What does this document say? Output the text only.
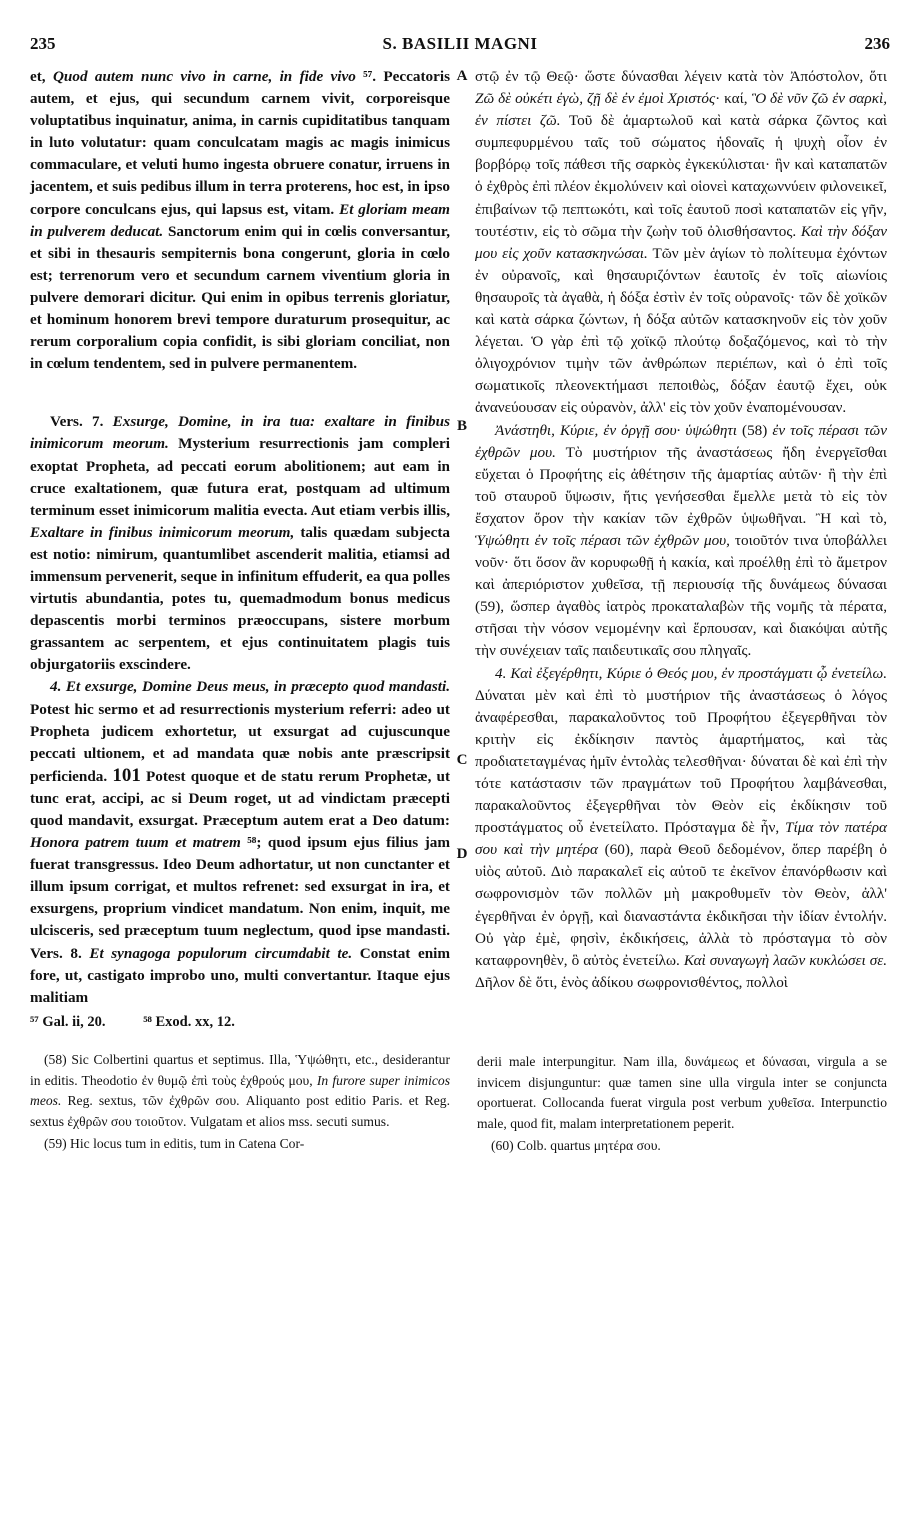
235	S. BASILII MAGNI	236
A
B
C
D

et, Quod autem nunc vivo in carne, in fide vivo ⁵⁷. Peccatoris autem, et ejus, qui secundum carnem vivit, corporeisque voluptatibus inquinatur, anima, in carnis cupiditatibus tanquam in luto volutatur: quam conculcatam magis ac magis inimicus commaculare, et veluti humo ingesta obruere conatur, irruens in jacentem, et suis pedibus illum in terra proterens, hoc est, in ipso corpore conculcans ejus, qui lapsus est, vitam. Et gloriam meam in pulverem deducat. Sanctorum enim qui in cœlis conversantur, et sibi in thesauris sempiternis bona congerunt, gloria in cœlo est; terrenorum vero et secundum carnem viventium gloria in pulvere demorari dicitur. Qui enim in opibus terrenis gloriatur, et hominum honorem brevi tempore duraturum prosequitur, ac rerum corporalium copia confidit, is sibi gloriam conciliat, non in cœlum tendentem, sed in pulvere permanentem.

Vers. 7. Exsurge, Domine, in ira tua: exaltare in finibus inimicorum meorum. Mysterium resurrectionis jam compleri exoptat Propheta, ad peccati eorum abolitionem; aut eam in cruce exaltationem, quæ futura erat, postquam ad ultimum terminum esset inimicorum malitia evecta. Aut etiam verbis illis, Exaltare in finibus inimicorum meorum, talis quædam subjecta est notio: nimirum, quantumlibet ascenderit malitia, etiamsi ad immensum pervenerit, seque in infinitum effuderit, ea qua polles virtutis abundantia, potes tu, quemadmodum bonus medicus depascentis morbi terminos præoccupans, sistere morbum grassantem ac serpentem, et ejus continuitatem plagis tuis objurgatoriis exscindere.

4. Et exsurge, Domine Deus meus, in præcepto quod mandasti. Potest hic sermo et ad resurrectionis mysterium referri: adeo ut Propheta judicem exhortetur, ut exsurgat ad cujuscunque peccati ultionem, et ad mandata quæ nobis ante præscripsit perficienda. 101 Potest quoque et de statu rerum Prophetæ, ut tunc erat, accipi, ac si Deum roget, ut ad vindictam præcepti quod mandavit, exsurgat. Præceptum autem erat a Deo datum: Honora patrem tuum et matrem ⁵⁸; quod ipsum ejus filius jam fuerat transgressus. Ideo Deum adhortatur, ut non cunctanter et illum ipsum corrigat, et multos refrenet: sed exsurgat in ira, et exsurgens, proprium vindicet mandatum. Non enim, inquit, me ulcisceris, sed præceptum tuum neglectum, quod ipse mandasti. Vers. 8. Et synagoga populorum circumdabit te. Constat enim fore, ut, castigato improbo uno, multi convertantur. Itaque ejus malitiam

στῷ ἐν τῷ Θεῷ· ὥστε δύνασθαι λέγειν κατὰ τὸν Ἀπόστολον, ὅτι Ζῶ δὲ οὐκέτι ἐγὼ, ζῇ δὲ ἐν ἐμοὶ Χριστός· καί, Ὃ δὲ νῦν ζῶ ἐν σαρκὶ, ἐν πίστει ζῶ. Τοῦ δὲ ἁμαρτωλοῦ καὶ κατὰ σάρκα ζῶντος καὶ συμπεφυρμένου ταῖς τοῦ σώματος ἡδοναῖς ἡ ψυχὴ οἷον ἐν βορβόρῳ τοῖς πάθεσι τῆς σαρκὸς ἐγκεκύλισται· ἣν καὶ καταπατῶν ὁ ἐχθρὸς ἐπὶ πλέον ἐκμολύνειν καὶ οἱονεὶ καταχωννύειν φιλονεικεῖ, ἐπιβαίνων τῷ πεπτωκότι, καὶ τοῖς ἑαυτοῦ ποσὶ καταπατῶν εἰς γῆν, τουτέστιν, εἰς τὸ σῶμα τὴν ζωὴν τοῦ ὀλισθήσαντος. Καὶ τὴν δόξαν μου εἰς χοῦν κατασκηνώσαι. Τῶν μὲν ἁγίων τὸ πολίτευμα ἐχόντων ἐν οὐρανοῖς, καὶ θησαυριζόντων ἑαυτοῖς ἐν τοῖς αἰωνίοις θησαυροῖς τὰ ἀγαθὰ, ἡ δόξα ἐστὶν ἐν τοῖς οὐρανοῖς· τῶν δὲ χοϊκῶν καὶ κατὰ σάρκα ζώντων, ἡ δόξα αὐτῶν κατασκηνοῦν εἰς τὸν χοῦν λέγεται. Ὁ γὰρ ἐπὶ τῷ χοϊκῷ πλούτῳ δοξαζόμενος, καὶ τὸ τὴν ὀλιγοχρόνιον τιμὴν τῶν ἀνθρώπων περιέπων, καὶ ὁ ἐπὶ τοῖς σωματικοῖς πλεονεκτήμασι πεποιθὼς, δόξαν ἑαυτῷ ἔχει, οὐκ ἀνανεύουσαν εἰς οὐρανὸν, ἀλλ' εἰς τὸν χοῦν ἐναπομένουσαν.

Ἀνάστηθι, Κύριε, ἐν ὀργῇ σου· ὑψώθητι (58) ἐν τοῖς πέρασι τῶν ἐχθρῶν μου. Τὸ μυστήριον τῆς ἀναστάσεως ἤδη ἐνεργεῖσθαι εὔχεται ὁ Προφήτης εἰς ἀθέτησιν τῆς ἁμαρτίας αὐτῶν· ἢ τὴν ἐπὶ τοῦ σταυροῦ ὕψωσιν, ἥτις γενήσεσθαι ἔμελλε μετὰ τὸ εἰς τὸν ἔσχατον ὅρον τὴν κακίαν τῶν ἐχθρῶν ὑψωθῆναι. Ἢ καὶ τὸ, Ὑψώθητι ἐν τοῖς πέρασι τῶν ἐχθρῶν μου, τοιοῦτόν τινα ὑποβάλλει νοῦν· ὅτι ὅσον ἂν κορυφωθῇ ἡ κακία, καὶ προέλθῃ ἐπὶ τὸ ἄμετρον καὶ ἀπεριόριστον χυθεῖσα, τῇ περιουσίᾳ τῆς δυνάμεως δύνασαι (59), ὥσπερ ἀγαθὸς ἰατρὸς προκαταλαβὼν τῆς νομῆς τὰ πέρατα, στῆσαι τὴν νόσον νεμομένην καὶ ἕρπουσαν, καὶ διακόψαι αὐτῆς τὴν συνέχειαν ταῖς παιδευτικαῖς σου πληγαῖς.

4. Καὶ ἐξεγέρθητι, Κύριε ὁ Θεός μου, ἐν προστάγματι ᾧ ἐνετείλω. Δύναται μὲν καὶ ἐπὶ τὸ μυστήριον τῆς ἀναστάσεως ὁ λόγος ἀναφέρεσθαι, παρακαλοῦντος τοῦ Προφήτου ἐξεγερθῆναι τὸν κριτὴν εἰς ἐκδίκησιν παντὸς ἁμαρτήματος, καὶ τὰς προδιατεταγμένας ἡμῖν ἐντολὰς τελεσθῆναι· δύναται δὲ καὶ ἐπὶ τὴν τότε κατάστασιν τῶν πραγμάτων τοῦ Προφήτου λαμβάνεσθαι, παρακαλοῦντος ἐξεγερθῆναι τὸν Θεὸν εἰς ἐκδίκησιν τοῦ προστάγματος οὗ ἐνετείλατο. Πρόσταγμα δὲ ἦν, Τίμα τὸν πατέρα σου καὶ τὴν μητέρα (60), παρὰ Θεοῦ δεδομένον, ὅπερ παρέβη ὁ υἱὸς αὐτοῦ. Διὸ παρακαλεῖ εἰς αὐτοῦ τε ἐκεῖνον ἐπανόρθωσιν καὶ σωφρονισμὸν τῶν πολλῶν μὴ μακροθυμεῖν τὸν Θεὸν, ἀλλ' ἐγερθῆναι ἐν ὀργῇ, καὶ διαναστάντα ἐκδικῆσαι τὴν ἰδίαν ἐντολήν. Οὐ γὰρ ἐμὲ, φησὶν, ἐκδικήσεις, ἀλλὰ τὸ πρόσταγμα τὸ σὸν καταφρονηθὲν, ὃ αὐτὸς ἐνετείλω. Καὶ συναγωγὴ λαῶν κυκλώσει σε. Δῆλον δὲ ὅτι, ἑνὸς ἀδίκου σωφρονισθέντος, πολλοὶ

⁵⁷ Gal. ii, 20.	⁵⁸ Exod. xx, 12.

(58) Sic Colbertini quartus et septimus. Illa, Ὑψώθητι, etc., desiderantur in editis. Theodotio ἐν θυμῷ ἐπὶ τοὺς ἐχθρούς μου, In furore super inimicos meos. Reg. sextus, τῶν ἐχθρῶν σου. Aliquanto post editio Paris. et Reg. sextus ἐχθρῶν σου τοιοῦτον. Vulgatam et alios mss. secuti sumus.

(59) Hic locus tum in editis, tum in Catena Cor-

derii male interpungitur. Nam illa, δυνάμεως et δύνασαι, virgula a se invicem disjunguntur: quæ tamen sine ulla virgula inter se conjuncta oportuerat. Collocanda fuerat virgula post verbum χυθεῖσα. Interpunctio male, quod fit, malam interpretationem peperit.

(60) Colb. quartus μητέρα σου.
